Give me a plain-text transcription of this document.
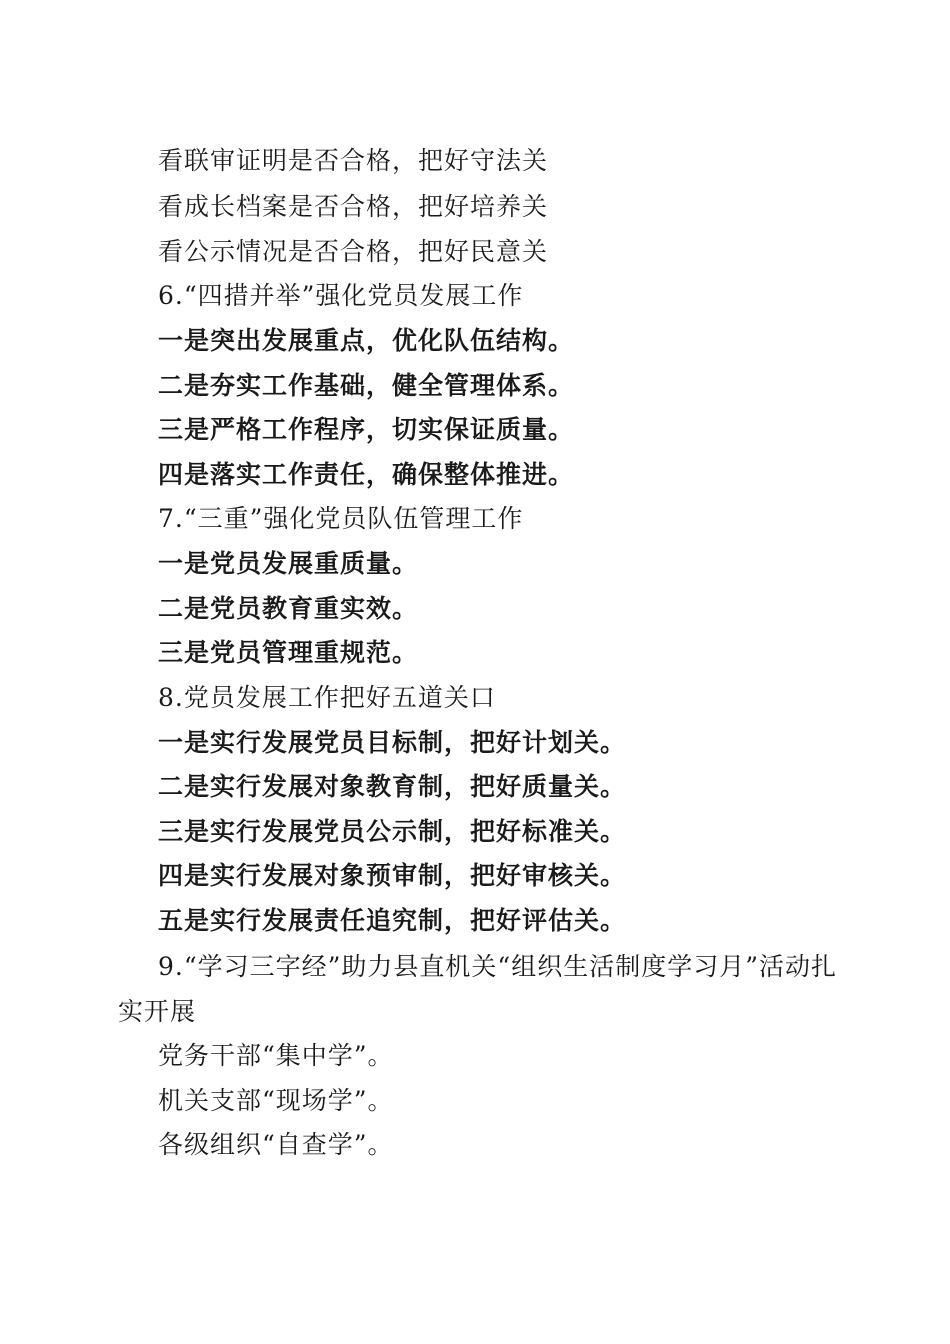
看联审证明是否合格，把好守法关
看成长档案是否合格，把好培养关
看公示情况是否合格，把好民意关
6.“四措并举”强化党员发展工作
一是突出发展重点，优化队伍结构。
二是夯实工作基础，健全管理体系。
三是严格工作程序，切实保证质量。
四是落实工作责任，确保整体推进。
7.“三重”强化党员队伍管理工作
一是党员发展重质量。
二是党员教育重实效。
三是党员管理重规范。
8.党员发展工作把好五道关口
一是实行发展党员目标制，把好计划关。
二是实行发展对象教育制，把好质量关。
三是实行发展党员公示制，把好标准关。
四是实行发展对象预审制，把好审核关。
五是实行发展责任追究制，把好评估关。
9.“学习三字经”助力县直机关“组织生活制度学习月”活动扎实开展
党务干部“集中学”。
机关支部“现场学”。
各级组织“自查学”。
